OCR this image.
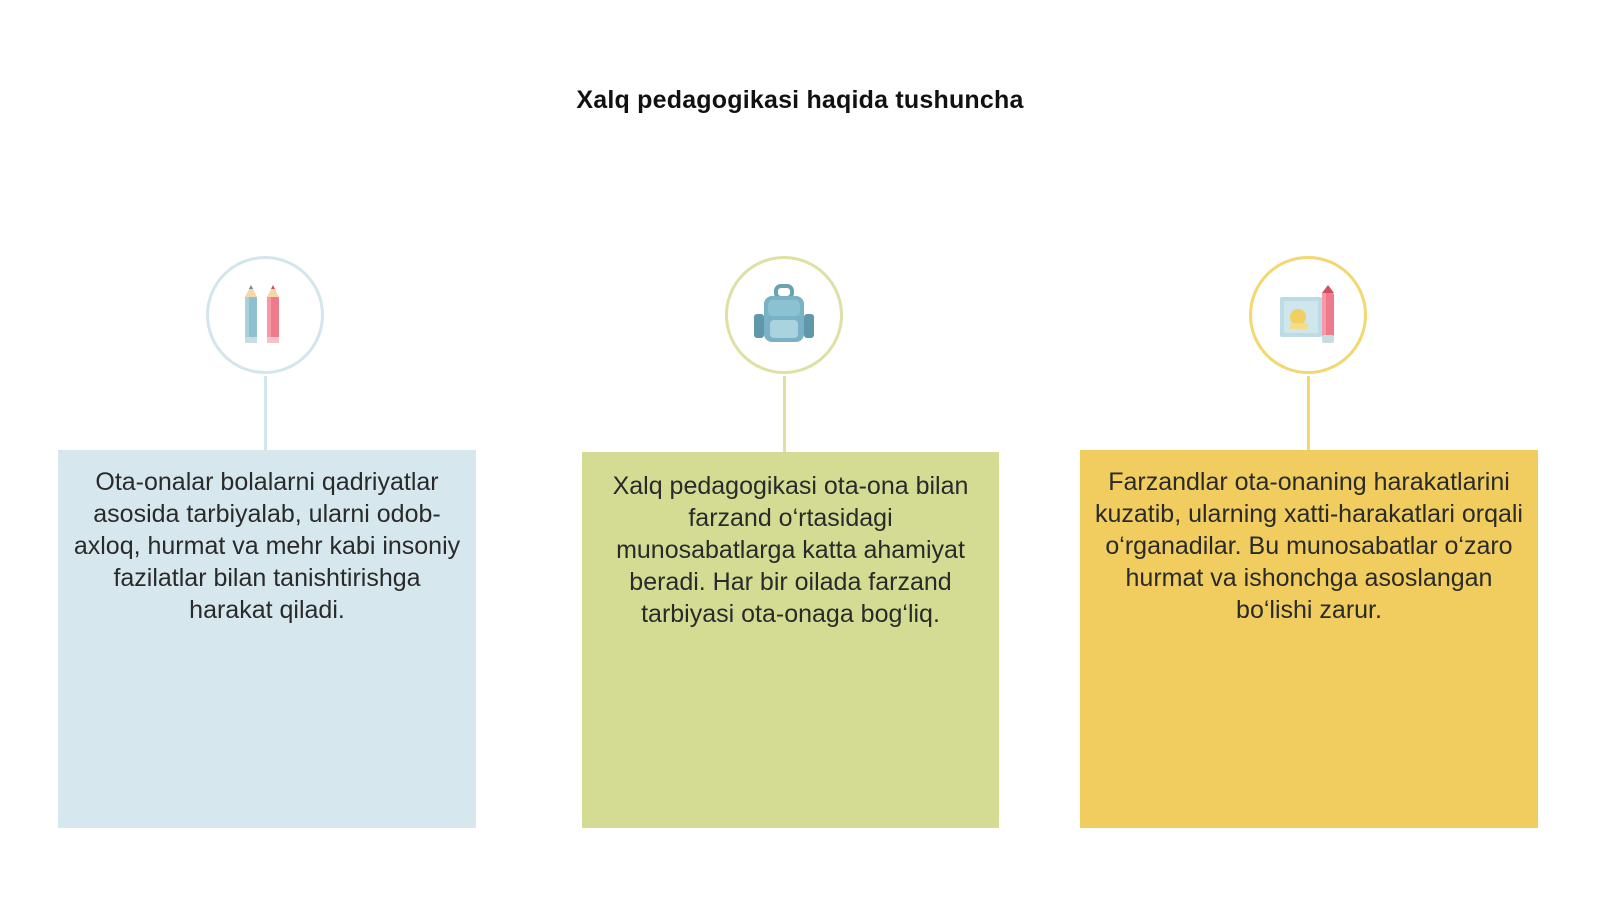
Xalq pedagogikasi haqida tushuncha
Ota-onalar bolalarni qadriyatlar asosida tarbiyalab, ularni odob-axloq, hurmat va mehr kabi insoniy fazilatlar bilan tanishtirishga harakat qiladi.
Xalq pedagogikasi ota-ona bilan farzand o‘rtasidagi munosabatlarga katta ahamiyat beradi. Har bir oilada farzand tarbiyasi ota-onaga bog‘liq.
Farzandlar ota-onaning harakatlarini kuzatib, ularning xatti-harakatlari orqali o‘rganadilar. Bu munosabatlar o‘zaro hurmat va ishonchga asoslangan bo‘lishi zarur.
